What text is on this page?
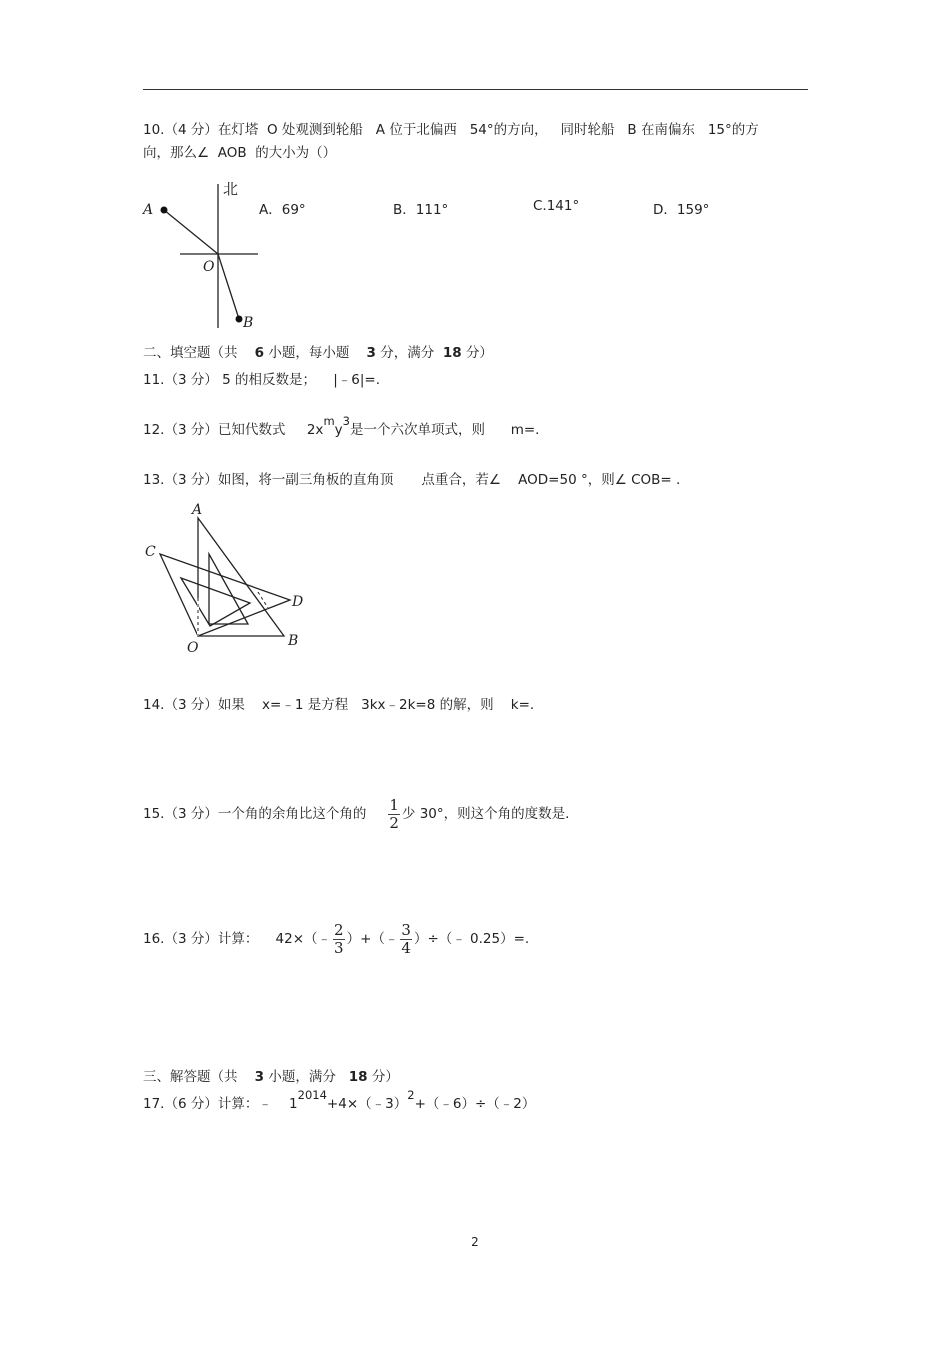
10.（4 分）在灯塔 O 处观测到轮船 A 位于北偏西 54°的方向， 同时轮船 B 在南偏东 15°的方
向，那么∠ AOB 的大小为（）
北
A
O
B
A．69°	B．111°	C.141°	D．159°
二、填空题（共 6 小题，每小题 3 分，满分 18 分）
11.（3 分） 5 的相反数是； |﹣6|=.
12.（3 分）已知代数式 2xmy3是一个六次单项式，则 m=.
13.（3 分）如图，将一副三角板的直角顶 点重合，若∠ AOD=50 °，则∠ COB= .
A
C
D
O	B
14.（3 分）如果 x=﹣1 是方程 3kx﹣2k=8 的解，则 k=.
15.（3 分）一个角的余角比这个角的 $\frac{1}{2}$ 少 30°，则这个角的度数是.
16.（3 分）计算： 42×（﹣ $\frac{2}{3}$ ）+（﹣ $\frac{3}{4}$ ）÷（﹣ 0.25）=.
三、解答题（共 3 小题，满分 18 分）
17.（6 分）计算：﹣ 12014+4×（﹣3）2+（﹣6）÷（﹣2）
2
